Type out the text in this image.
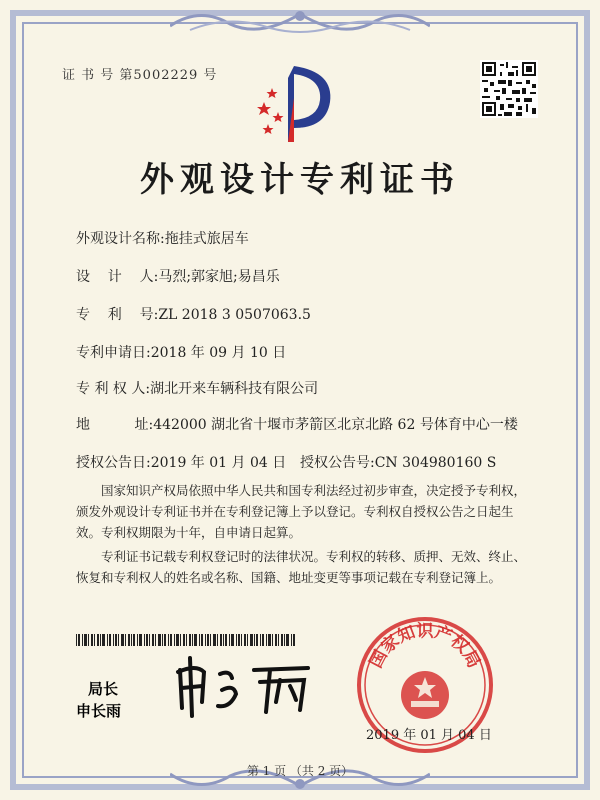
证 书 号 第5002229 号
外观设计专利证书
外观设计名称:拖挂式旅居车
设    计    人:马烈;郭家旭;易昌乐
专    利    号:ZL 2018 3 0507063.5
专利申请日:2018 年 09 月 10 日
专 利 权 人:湖北开来车辆科技有限公司
地          址:442000 湖北省十堰市茅箭区北京北路 62 号体育中心一楼
授权公告日:2019 年 01 月 04 日 授权公告号:CN 304980160 S
国家知识产权局依照中华人民共和国专利法经过初步审查，决定授予专利权，颁发外观设计专利证书并在专利登记簿上予以登记。专利权自授权公告之日起生效。专利权期限为十年，自申请日起算。
专利证书记载专利权登记时的法律状况。专利权的转移、质押、无效、终止、恢复和专利权人的姓名或名称、国籍、地址变更等事项记载在专利登记簿上。
局长
申长雨
国家知识产权局
2019 年 01 月 04 日
第 1 页 （共 2 页）
